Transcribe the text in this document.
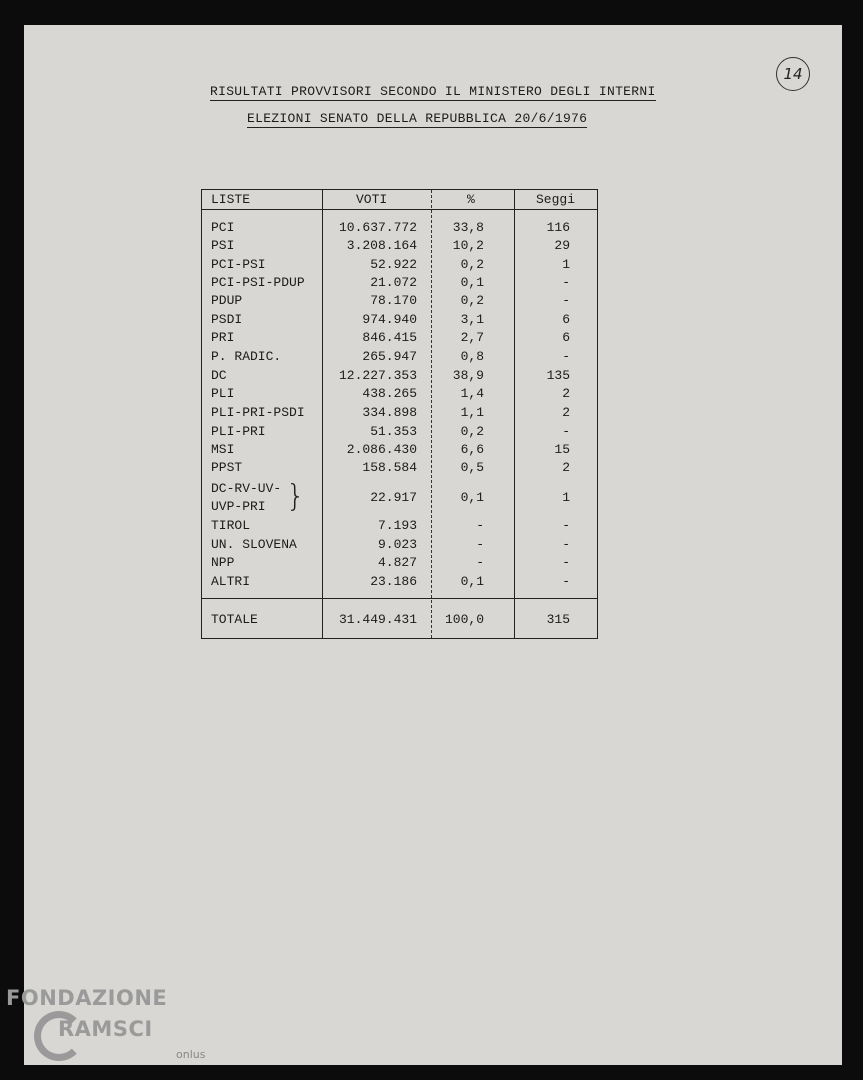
14
RISULTATI PROVVISORI SECONDO IL MINISTERO DEGLI INTERNI
ELEZIONI SENATO DELLA REPUBBLICA 20/6/1976
LISTE	VOTI	%	Seggi
PCI	10.637.772	33,8	116
PSI	3.208.164	10,2	29
PCI-PSI	52.922	0,2	1
PCI-PSI-PDUP	21.072	0,1	-
PDUP	78.170	0,2	-
PSDI	974.940	3,1	6
PRI	846.415	2,7	6
P. RADIC.	265.947	0,8	-
DC	12.227.353	38,9	135
PLI	438.265	1,4	2
PLI-PRI-PSDI	334.898	1,1	2
PLI-PRI	51.353	0,2	-
MSI	2.086.430	6,6	15
PPST	158.584	0,5	2
DC-RV-UV-
UVP-PRI
22.917	0,1	1
}
TIROL	7.193	-	-
UN. SLOVENA	9.023	-	-
NPP	4.827	-	-
ALTRI	23.186	0,1	-
TOTALE	31.449.431 100,0	315
FONDAZIONE
RAMSCI
onlus
